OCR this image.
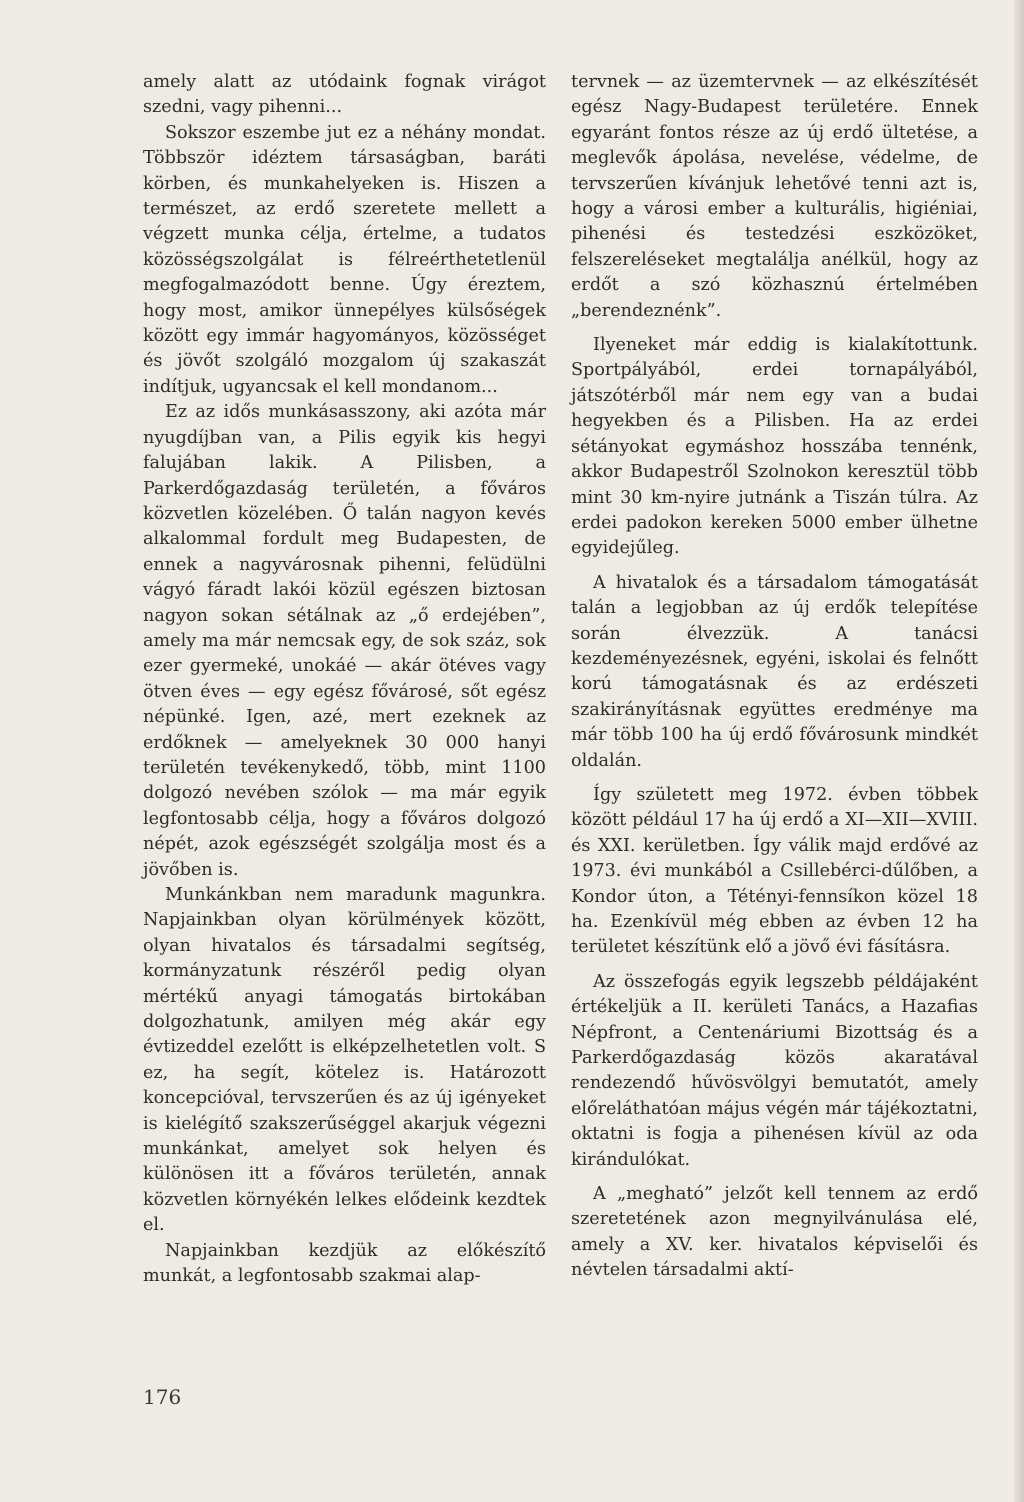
amely alatt az utódaink fognak virágot szedni, vagy pihenni...

Sokszor eszembe jut ez a néhány mondat. Többször idéztem társaságban, baráti körben, és munkahelyeken is. Hiszen a természet, az erdő szeretete mellett a végzett munka célja, értelme, a tudatos közösségszolgálat is félreérthetetlenül megfogalmazódott benne. Úgy éreztem, hogy most, amikor ünnepélyes külsőségek között egy immár hagyományos, közösséget és jövőt szolgáló mozgalom új szakaszát indítjuk, ugyancsak el kell mondanom...

Ez az idős munkásasszony, aki azóta már nyugdíjban van, a Pilis egyik kis hegyi falujában lakik. A Pilisben, a Parkerdőgazdaság területén, a főváros közvetlen közelében. Ő talán nagyon kevés alkalommal fordult meg Budapesten, de ennek a nagyvárosnak pihenni, felüdülni vágyó fáradt lakói közül egészen biztosan nagyon sokan sétálnak az „ő erdejében”, amely ma már nemcsak egy, de sok száz, sok ezer gyermeké, unokáé — akár ötéves vagy ötven éves — egy egész fővárosé, sőt egész népünké. Igen, azé, mert ezeknek az erdőknek — amelyeknek 30 000 hanyi területén tevékenykedő, több, mint 1100 dolgozó nevében szólok — ma már egyik legfontosabb célja, hogy a főváros dolgozó népét, azok egészségét szolgálja most és a jövőben is.

Munkánkban nem maradunk magunkra. Napjainkban olyan körülmények között, olyan hivatalos és társadalmi segítség, kormányzatunk részéről pedig olyan mértékű anyagi támogatás birtokában dolgozhatunk, amilyen még akár egy évtizeddel ezelőtt is elképzelhetetlen volt. S ez, ha segít, kötelez is. Határozott koncepcióval, tervszerűen és az új igényeket is kielégítő szakszerűséggel akarjuk végezni munkánkat, amelyet sok helyen és különösen itt a főváros területén, annak közvetlen környékén lelkes elődeink kezdtek el.

Napjainkban kezdjük az előkészítő munkát, a legfontosabb szakmai alap-

tervnek — az üzemtervnek — az elkészítését egész Nagy-Budapest területére. Ennek egyaránt fontos része az új erdő ültetése, a meglevők ápolása, nevelése, védelme, de tervszerűen kívánjuk lehetővé tenni azt is, hogy a városi ember a kulturális, higiéniai, pihenési és testedzési eszközöket, felszereléseket megtalálja anélkül, hogy az erdőt a szó közhasznú értelmében „berendeznénk”.

Ilyeneket már eddig is kialakítottunk. Sportpályából, erdei tornapályából, játszótérből már nem egy van a budai hegyekben és a Pilisben. Ha az erdei sétányokat egymáshoz hosszába tennénk, akkor Budapestről Szolnokon keresztül több mint 30 km-nyire jutnánk a Tiszán túlra. Az erdei padokon kereken 5000 ember ülhetne egyidejűleg.

A hivatalok és a társadalom támogatását talán a legjobban az új erdők telepítése során élvezzük. A tanácsi kezdeményezésnek, egyéni, iskolai és felnőtt korú támogatásnak és az erdészeti szakirányításnak együttes eredménye ma már több 100 ha új erdő fővárosunk mindkét oldalán.

Így született meg 1972. évben többek között például 17 ha új erdő a XI—XII—XVIII. és XXI. kerületben. Így válik majd erdővé az 1973. évi munkából a Csillebérci-dűlőben, a Kondor úton, a Tétényi-fennsíkon közel 18 ha. Ezenkívül még ebben az évben 12 ha területet készítünk elő a jövő évi fásításra.

Az összefogás egyik legszebb példájaként értékeljük a II. kerületi Tanács, a Hazafias Népfront, a Centenáriumi Bizottság és a Parkerdőgazdaság közös akaratával rendezendő hűvösvölgyi bemutatót, amely előreláthatóan május végén már tájékoztatni, oktatni is fogja a pihenésen kívül az oda kirándulókat.

A „megható” jelzőt kell tennem az erdő szeretetének azon megnyilvánulása elé, amely a XV. ker. hivatalos képviselői és névtelen társadalmi aktí-

176
